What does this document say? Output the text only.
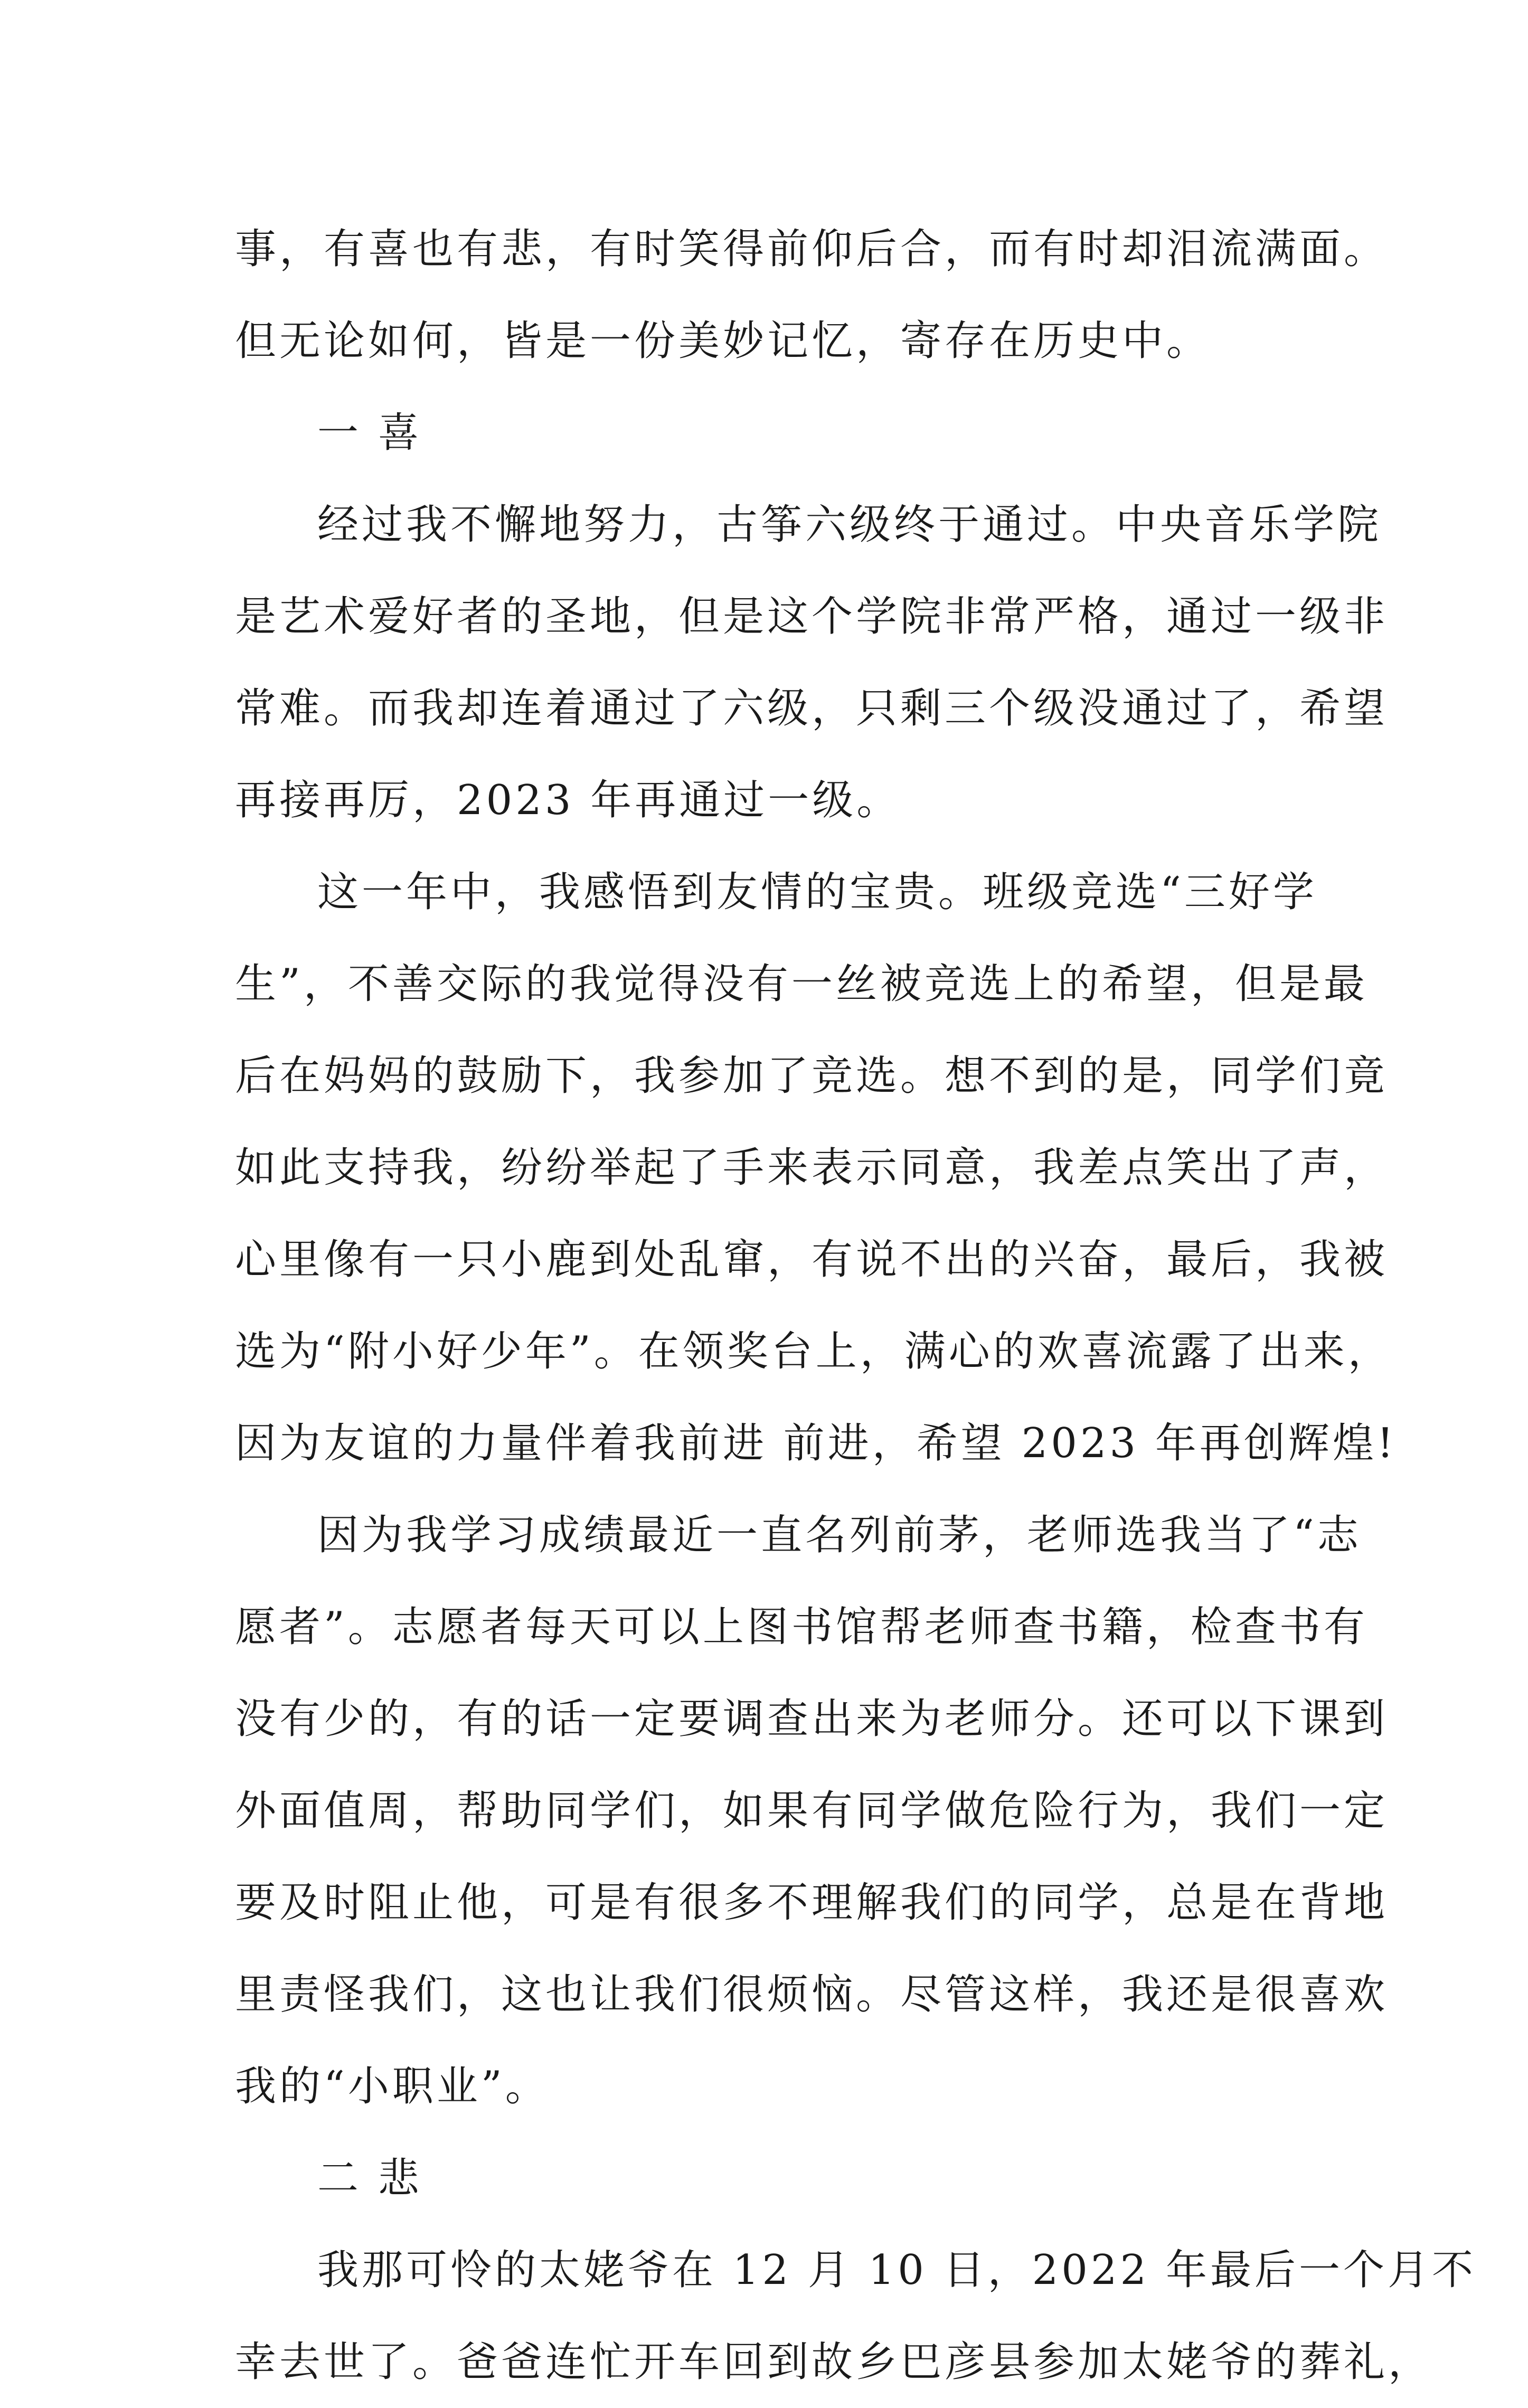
事，有喜也有悲，有时笑得前仰后合，而有时却泪流满面。
但无论如何，皆是一份美妙记忆，寄存在历史中。
一 喜
经过我不懈地努力，古筝六级终于通过。中央音乐学院
是艺术爱好者的圣地，但是这个学院非常严格，通过一级非
常难。而我却连着通过了六级，只剩三个级没通过了，希望
再接再厉，2023 年再通过一级。
这一年中，我感悟到友情的宝贵。班级竞选“三好学
生”，不善交际的我觉得没有一丝被竞选上的希望，但是最
后在妈妈的鼓励下，我参加了竞选。想不到的是，同学们竟
如此支持我，纷纷举起了手来表示同意，我差点笑出了声，
心里像有一只小鹿到处乱窜，有说不出的兴奋，最后，我被
选为“附小好少年”。在领奖台上，满心的欢喜流露了出来，
因为友谊的力量伴着我前进 前进，希望 2023 年再创辉煌!
因为我学习成绩最近一直名列前茅，老师选我当了“志
愿者”。志愿者每天可以上图书馆帮老师查书籍，检查书有
没有少的，有的话一定要调查出来为老师分。还可以下课到
外面值周，帮助同学们，如果有同学做危险行为，我们一定
要及时阻止他，可是有很多不理解我们的同学，总是在背地
里责怪我们，这也让我们很烦恼。尽管这样，我还是很喜欢
我的“小职业”。
二 悲
我那可怜的太姥爷在 12 月 10 日，2022 年最后一个月不
幸去世了。爸爸连忙开车回到故乡巴彦县参加太姥爷的葬礼，
